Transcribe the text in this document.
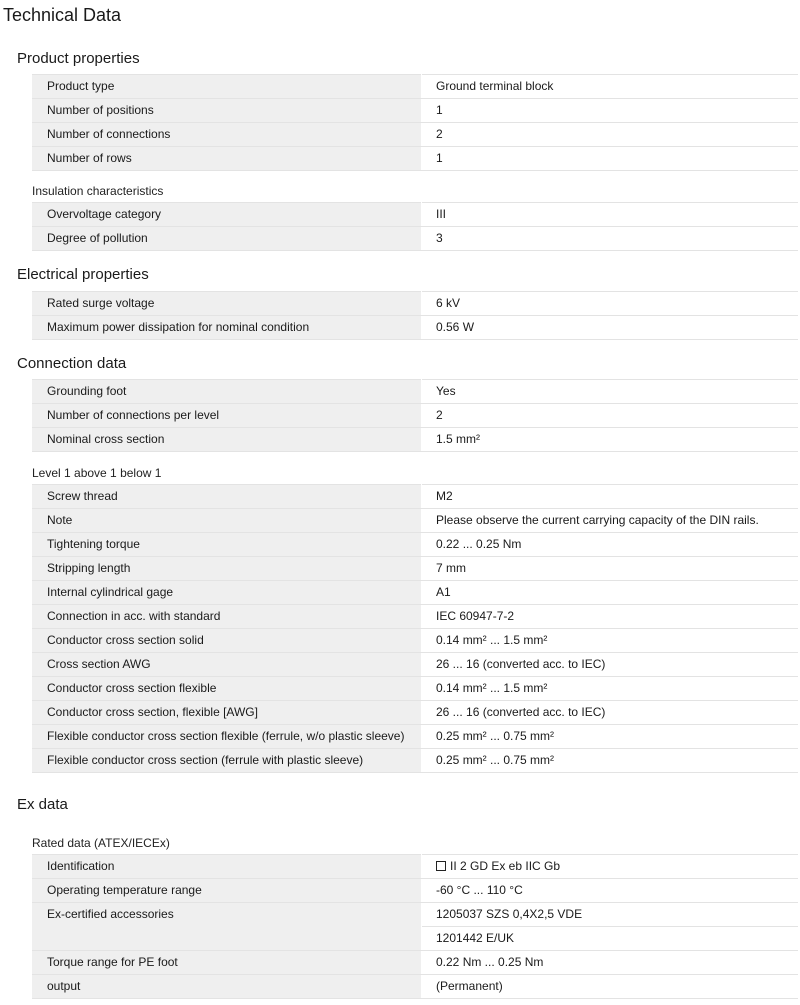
Technical Data
Product properties
Product type	Ground terminal block
Number of positions	1
Number of connections	2
Number of rows	1
Insulation characteristics
Overvoltage category	III
Degree of pollution	3
Electrical properties
Rated surge voltage	6 kV
Maximum power dissipation for nominal condition	0.56 W
Connection data
Grounding foot	Yes
Number of connections per level	2
Nominal cross section	1.5 mm²
Level 1 above 1 below 1
Screw thread	M2
Note	Please observe the current carrying capacity of the DIN rails.
Tightening torque	0.22 ... 0.25 Nm
Stripping length	7 mm
Internal cylindrical gage	A1
Connection in acc. with standard	IEC 60947-7-2
Conductor cross section solid	0.14 mm² ... 1.5 mm²
Cross section AWG	26 ... 16 (converted acc. to IEC)
Conductor cross section flexible	0.14 mm² ... 1.5 mm²
Conductor cross section, flexible [AWG]	26 ... 16 (converted acc. to IEC)
Flexible conductor cross section flexible (ferrule, w/o plastic sleeve)	0.25 mm² ... 0.75 mm²
Flexible conductor cross section (ferrule with plastic sleeve)	0.25 mm² ... 0.75 mm²
Ex data
Rated data (ATEX/IECEx)
Identification	II 2 GD Ex eb IIC Gb
Operating temperature range	-60 °C ... 110 °C
Ex-certified accessories	1205037 SZS 0,4X2,5 VDE
	1201442 E/UK
Torque range for PE foot	0.22 Nm ... 0.25 Nm
output	(Permanent)
